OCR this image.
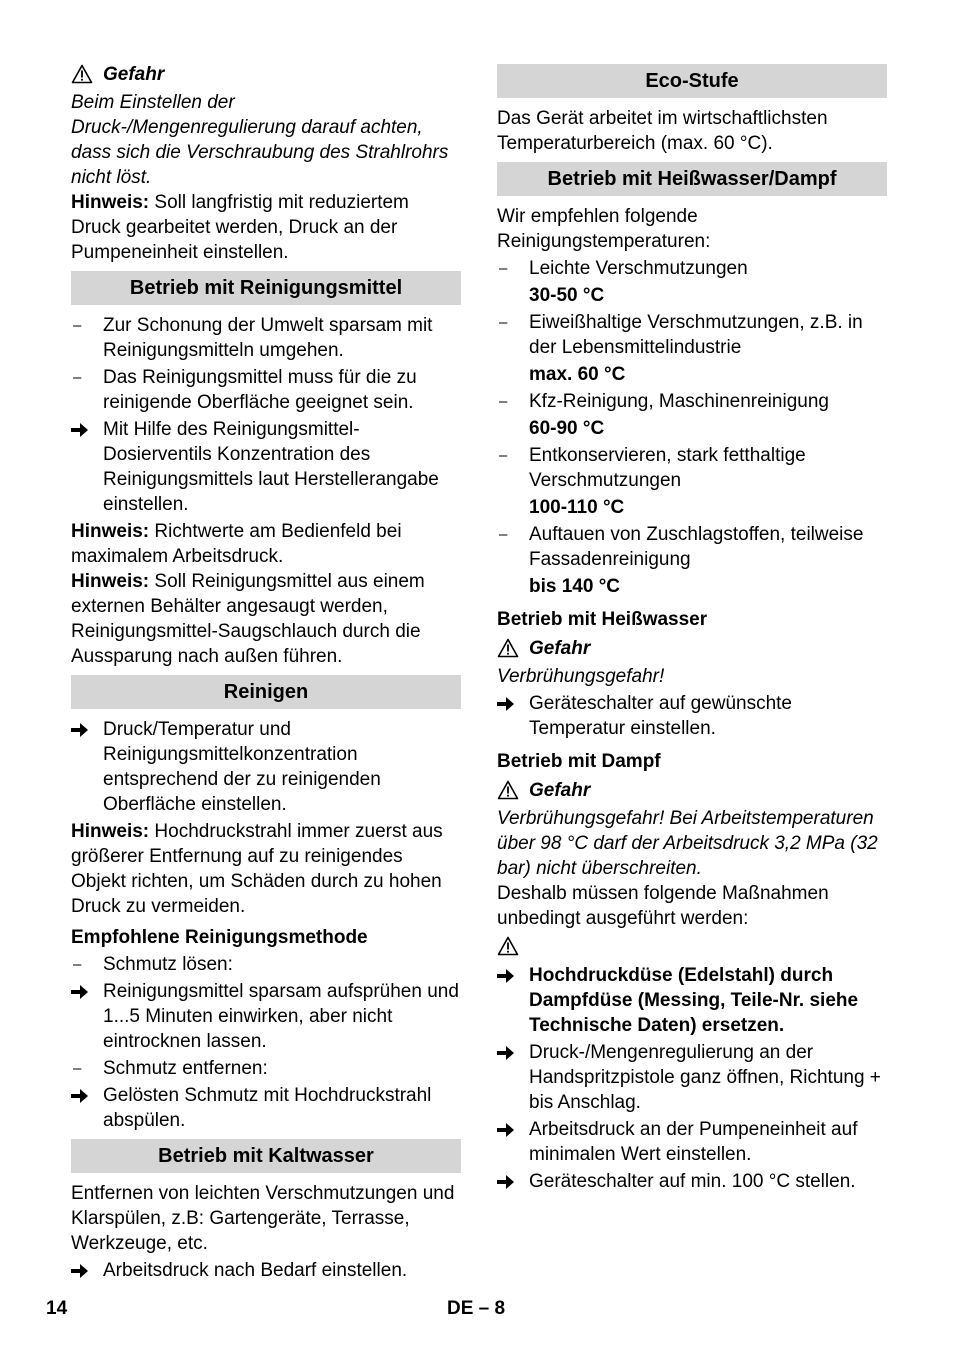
Gefahr

Beim Einstellen der Druck-/Mengenregulierung darauf achten, dass sich die Verschraubung des Strahlrohrs nicht löst.

Hinweis: Soll langfristig mit reduziertem Druck gearbeitet werden, Druck an der Pumpeneinheit einstellen.

Betrieb mit Reinigungsmittel
–	Zur Schonung der Umwelt sparsam mit Reinigungsmitteln umgehen.
–	Das Reinigungsmittel muss für die zu reinigende Oberfläche geeignet sein.
Mit Hilfe des Reinigungsmittel-Dosierventils Konzentration des Reinigungsmittels laut Herstellerangabe einstellen.

Hinweis: Richtwerte am Bedienfeld bei maximalem Arbeitsdruck.

Hinweis: Soll Reinigungsmittel aus einem externen Behälter angesaugt werden, Reinigungsmittel-Saugschlauch durch die Aussparung nach außen führen.

Reinigen
Druck/Temperatur und Reinigungsmittelkonzentration entsprechend der zu reinigenden Oberfläche einstellen.

Hinweis: Hochdruckstrahl immer zuerst aus größerer Entfernung auf zu reinigendes Objekt richten, um Schäden durch zu hohen Druck zu vermeiden.

Empfohlene Reinigungsmethode

–	Schmutz lösen:
Reinigungsmittel sparsam aufsprühen und 1...5 Minuten einwirken, aber nicht eintrocknen lassen.
–	Schmutz entfernen:
Gelösten Schmutz mit Hochdruckstrahl abspülen.
Betrieb mit Kaltwasser

Entfernen von leichten Verschmutzungen und Klarspülen, z.B: Gartengeräte, Terrasse, Werkzeuge, etc.

Arbeitsdruck nach Bedarf einstellen.
Eco-Stufe

Das Gerät arbeitet im wirtschaftlichsten Temperaturbereich (max. 60 °C).

Betrieb mit Heißwasser/Dampf

Wir empfehlen folgende Reinigungstemperaturen:

–	Leichte Verschmutzungen
30-50 °C
–	Eiweißhaltige Verschmutzungen, z.B. in der Lebensmittelindustrie
max. 60 °C
–	Kfz-Reinigung, Maschinenreinigung
60-90 °C
–	Entkonservieren, stark fetthaltige Verschmutzungen
100-110 °C
–	Auftauen von Zuschlagstoffen, teilweise Fassadenreinigung
bis 140 °C

Betrieb mit Heißwasser

Gefahr

Verbrühungsgefahr!

Geräteschalter auf gewünschte Temperatur einstellen.

Betrieb mit Dampf

Gefahr

Verbrühungsgefahr! Bei Arbeitstemperaturen über 98 °C darf der Arbeitsdruck 3,2 MPa (32 bar) nicht überschreiten.

Deshalb müssen folgende Maßnahmen unbedingt ausgeführt werden:

Hochdruckdüse (Edelstahl) durch Dampfdüse (Messing, Teile-Nr. siehe Technische Daten) ersetzen.
Druck-/Mengenregulierung an der Handspritzpistole ganz öffnen, Richtung + bis Anschlag.
Arbeitsdruck an der Pumpeneinheit auf minimalen Wert einstellen.
Geräteschalter auf min. 100 °C stellen.
14	DE – 8
